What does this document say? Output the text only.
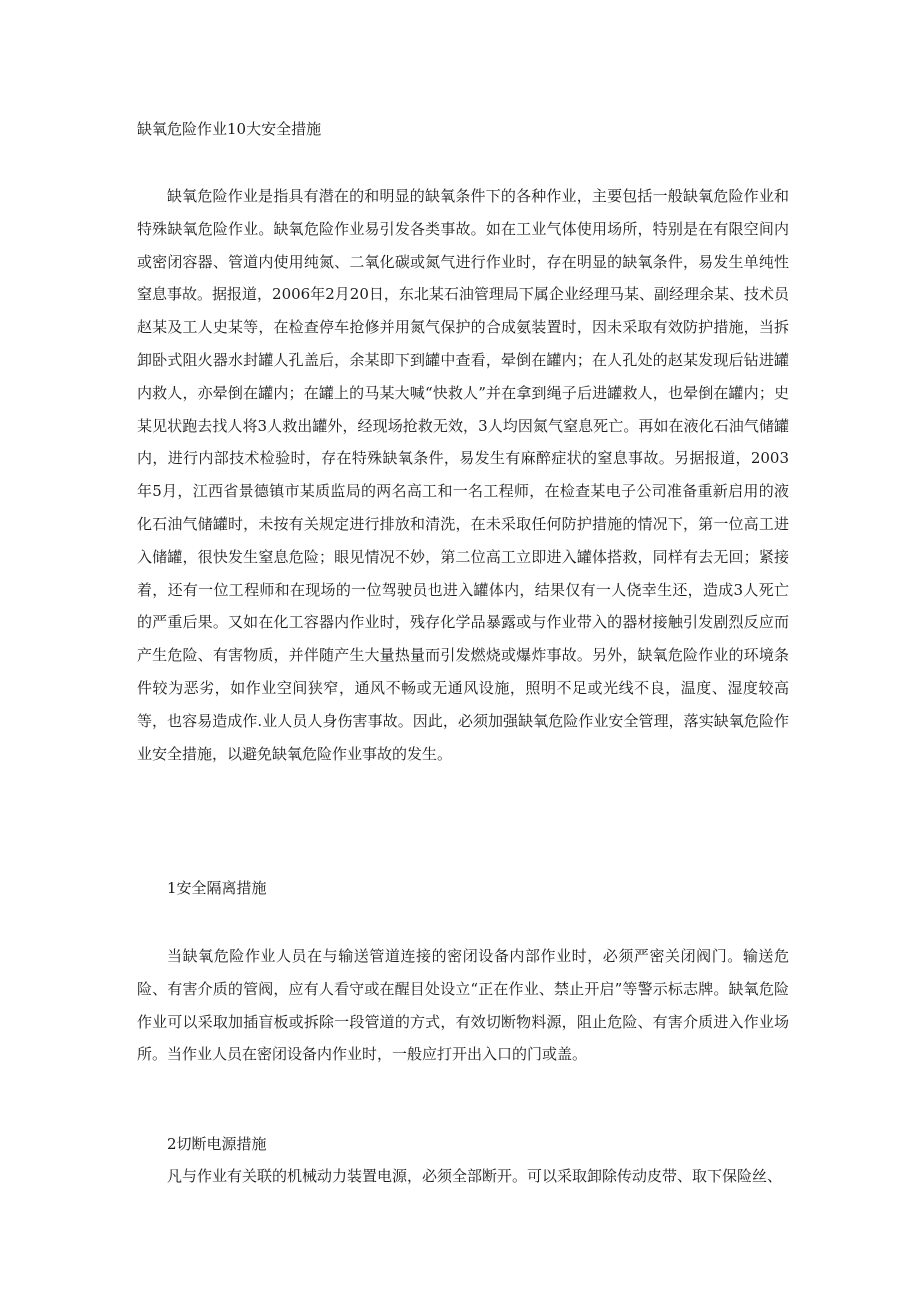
缺氧危险作业10大安全措施

缺氧危险作业是指具有潜在的和明显的缺氧条件下的各种作业，主要包括一般缺氧危险作业和特殊缺氧危险作业。缺氧危险作业易引发各类事故。如在工业气体使用场所，特别是在有限空间内或密闭容器、管道内使用纯氮、二氧化碳或氮气进行作业时，存在明显的缺氧条件，易发生单纯性窒息事故。据报道，2006年2月20日，东北某石油管理局下属企业经理马某、副经理余某、技术员赵某及工人史某等，在检查停车抢修并用氮气保护的合成氨装置时，因未采取有效防护措施，当拆卸卧式阻火器水封罐人孔盖后，余某即下到罐中查看，晕倒在罐内；在人孔处的赵某发现后钻进罐内救人，亦晕倒在罐内；在罐上的马某大喊“快救人”并在拿到绳子后进罐救人，也晕倒在罐内；史某见状跑去找人将3人救出罐外，经现场抢救无效，3人均因氮气窒息死亡。再如在液化石油气储罐内，进行内部技术检验时，存在特殊缺氧条件，易发生有麻醉症状的窒息事故。另据报道，2003年5月，江西省景德镇市某质监局的两名高工和一名工程师，在检查某电子公司准备重新启用的液化石油气储罐时，未按有关规定进行排放和清洗，在未采取任何防护措施的情况下，第一位高工进入储罐，很快发生窒息危险；眼见情况不妙，第二位高工立即进入罐体搭救，同样有去无回；紧接着，还有一位工程师和在现场的一位驾驶员也进入罐体内，结果仅有一人侥幸生还，造成3人死亡的严重后果。又如在化工容器内作业时，残存化学品暴露或与作业带入的器材接触引发剧烈反应而产生危险、有害物质，并伴随产生大量热量而引发燃烧或爆炸事故。另外，缺氧危险作业的环境条件较为恶劣，如作业空间狭窄，通风不畅或无通风设施，照明不足或光线不良，温度、湿度较高等，也容易造成作.业人员人身伤害事故。因此，必须加强缺氧危险作业安全管理，落实缺氧危险作业安全措施，以避免缺氧危险作业事故的发生。

1安全隔离措施

当缺氧危险作业人员在与输送管道连接的密闭设备内部作业时，必须严密关闭阀门。输送危险、有害介质的管阀，应有人看守或在醒目处设立“正在作业、禁止开启”等警示标志牌。缺氧危险作业可以采取加插盲板或拆除一段管道的方式，有效切断物料源，阻止危险、有害介质进入作业场所。当作业人员在密闭设备内作业时，一般应打开出入口的门或盖。

2切断电源措施

凡与作业有关联的机械动力装置电源，必须全部断开。可以采取卸除传动皮带、取下保险丝、
